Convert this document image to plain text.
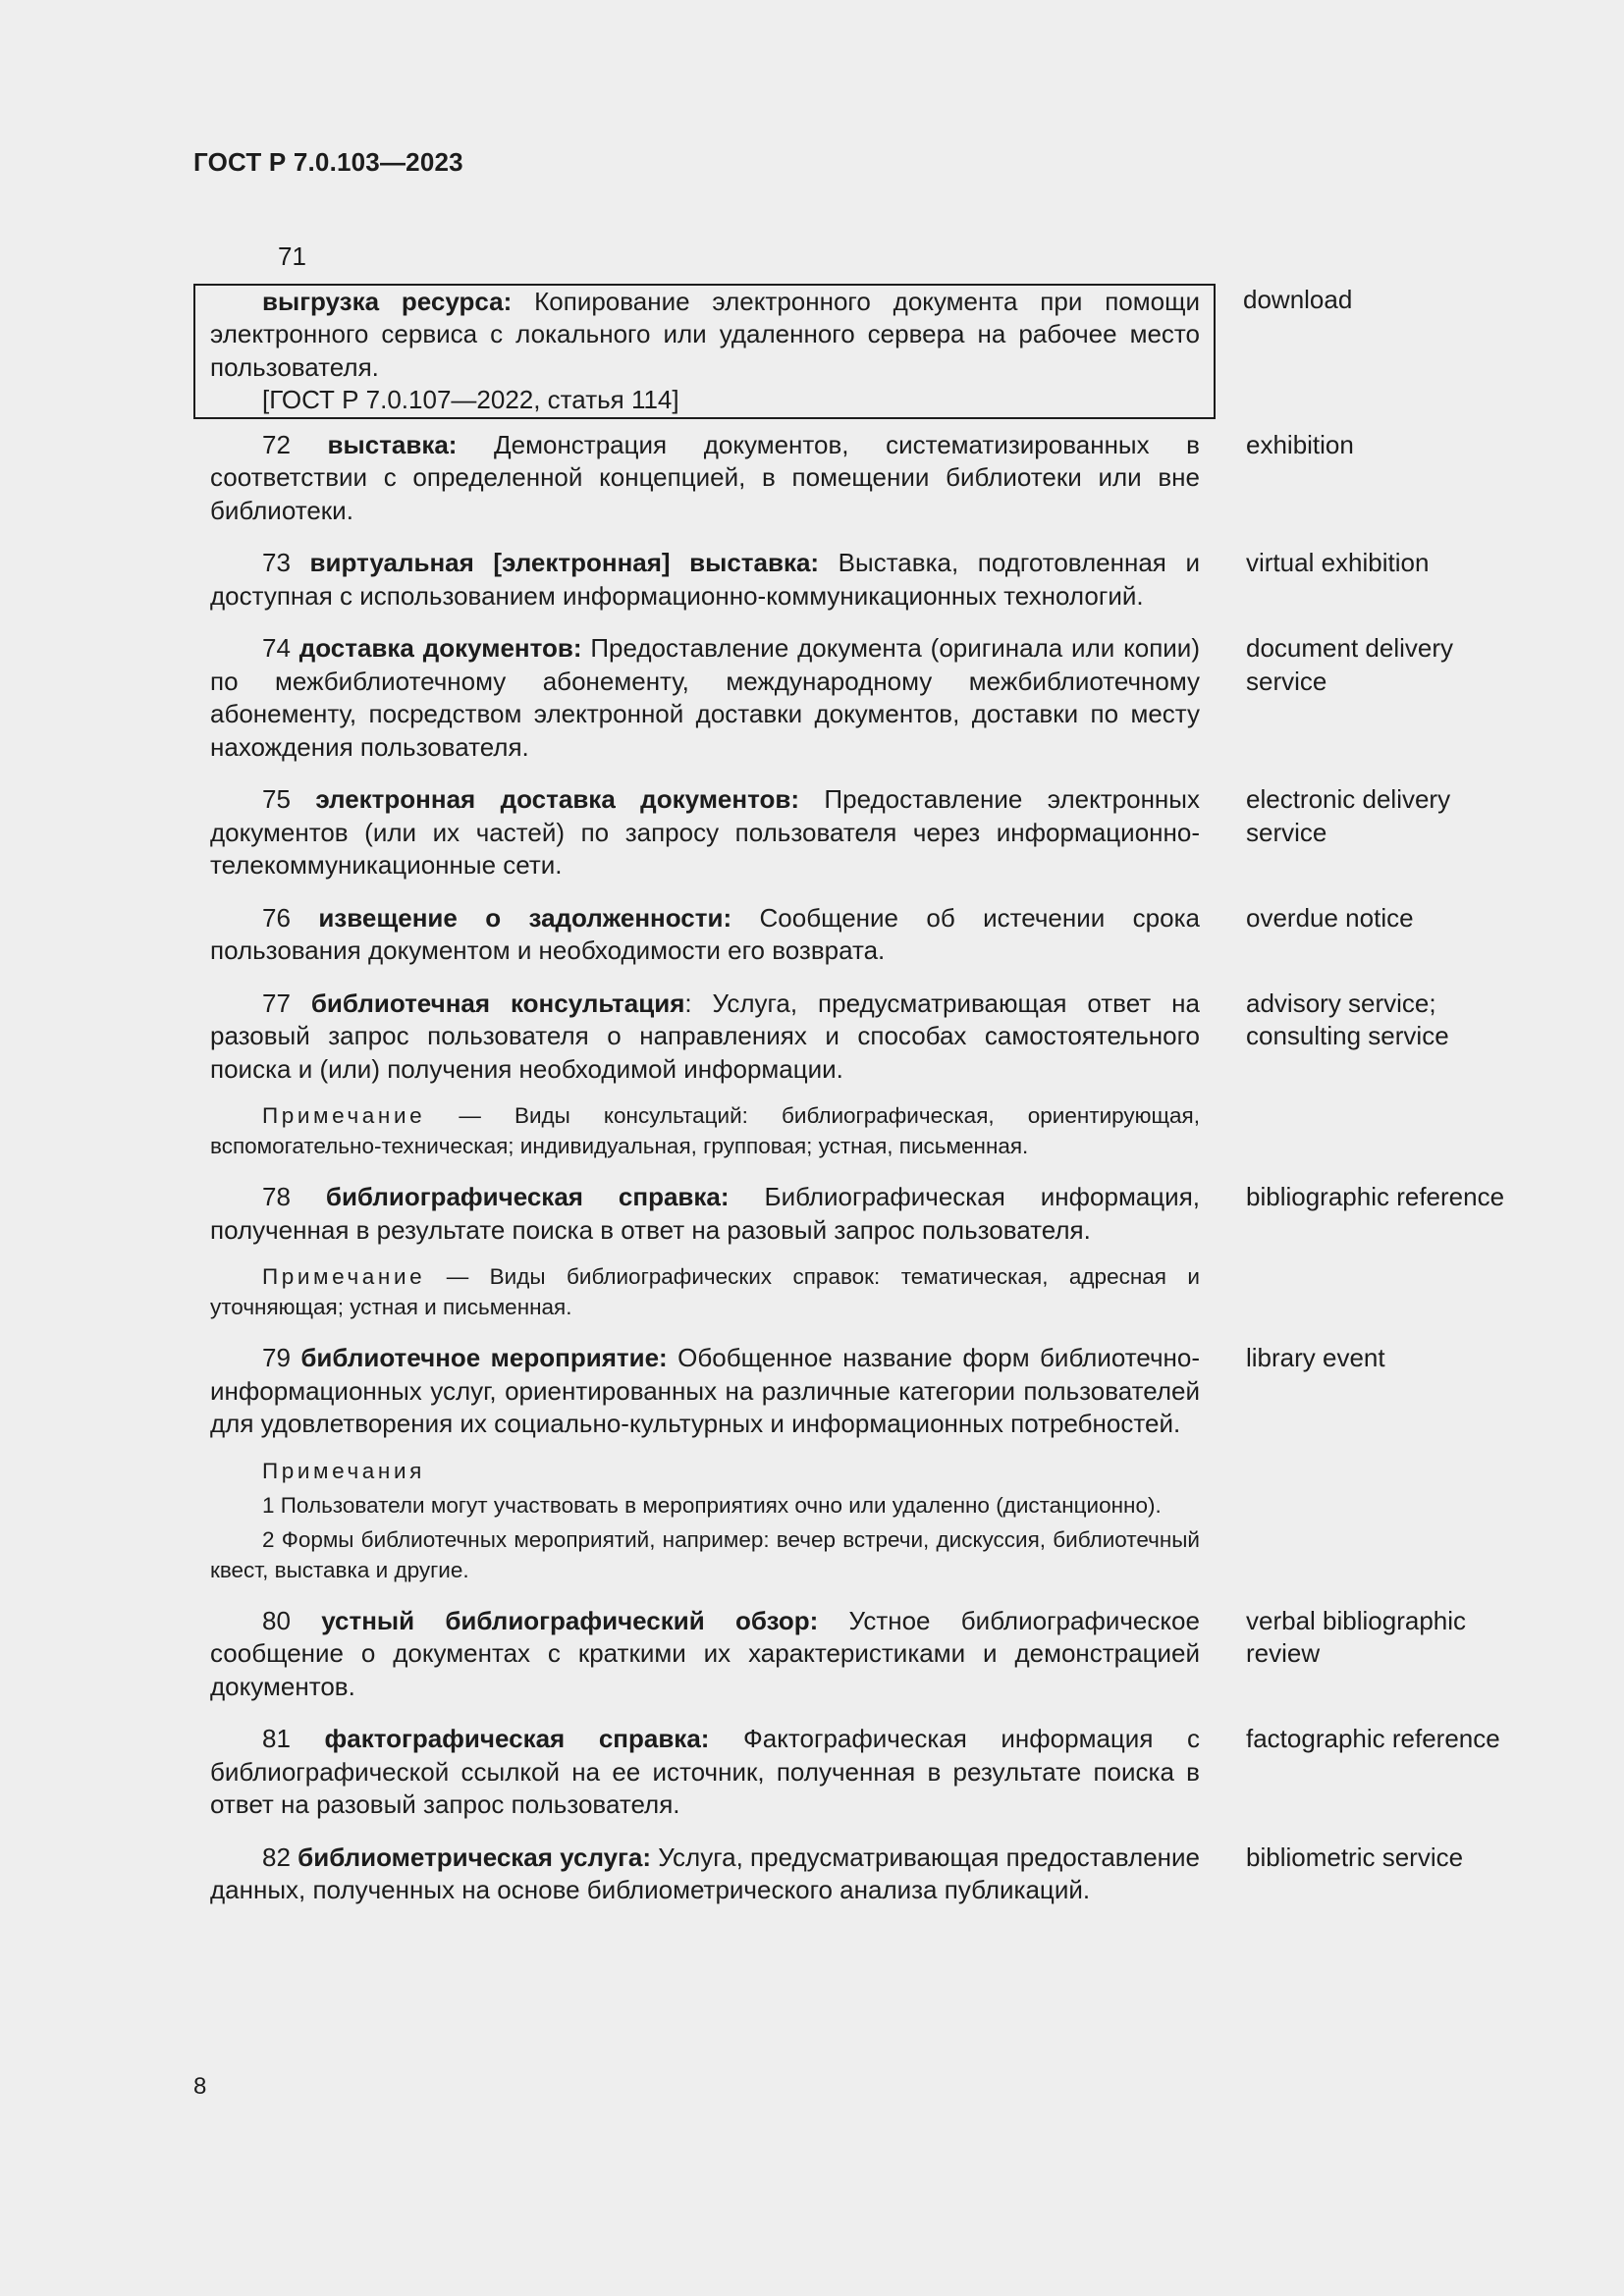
ГОСТ Р 7.0.103—2023
71

выгрузка ресурса: Копирование электронного документа при помощи электронного сервиса с локального или удаленного сервера на рабочее место пользователя.

[ГОСТ Р 7.0.107—2022, статья 114]

download

72 выставка: Демонстрация документов, систематизированных в соответствии с определенной концепцией, в помещении библиотеки или вне библиотеки.

exhibition

73 виртуальная [электронная] выставка: Выставка, подготовленная и доступная с использованием информационно-коммуникационных технологий.

virtual exhibition

74 доставка документов: Предоставление документа (оригинала или копии) по межбиблиотечному абонементу, международному межбиблиотечному абонементу, посредством электронной доставки документов, доставки по месту нахождения пользователя.

document delivery service

75 электронная доставка документов: Предоставление электронных документов (или их частей) по запросу пользователя через информационно-телекоммуникационные сети.

electronic delivery service

76 извещение о задолженности: Сообщение об истечении срока пользования документом и необходимости его возврата.

overdue notice

77 библиотечная консультация: Услуга, предусматривающая ответ на разовый запрос пользователя о направлениях и способах самостоятельного поиска и (или) получения необходимой информации.

Примечание — Виды консультаций: библиографическая, ориентирующая, вспомогательно-техническая; индивидуальная, групповая; устная, письменная.

advisory service; consulting service

78 библиографическая справка: Библиографическая информация, полученная в результате поиска в ответ на разовый запрос пользователя.

Примечание — Виды библиографических справок: тематическая, адресная и уточняющая; устная и письменная.

bibliographic reference

79 библиотечное мероприятие: Обобщенное название форм библиотечно-информационных услуг, ориентированных на различные категории пользователей для удовлетворения их социально-культурных и информационных потребностей.

Примечания

1 Пользователи могут участвовать в мероприятиях очно или удаленно (дистанционно).

2 Формы библиотечных мероприятий, например: вечер встречи, дискуссия, библиотечный квест, выставка и другие.

library event

80 устный библиографический обзор: Устное библиографическое сообщение о документах с краткими их характеристиками и демонстрацией документов.

verbal bibliographic review

81 фактографическая справка: Фактографическая информация с библиографической ссылкой на ее источник, полученная в результате поиска в ответ на разовый запрос пользователя.

factographic reference

82 библиометрическая услуга: Услуга, предусматривающая предоставление данных, полученных на основе библиометрического анализа публикаций.

bibliometric service
8
